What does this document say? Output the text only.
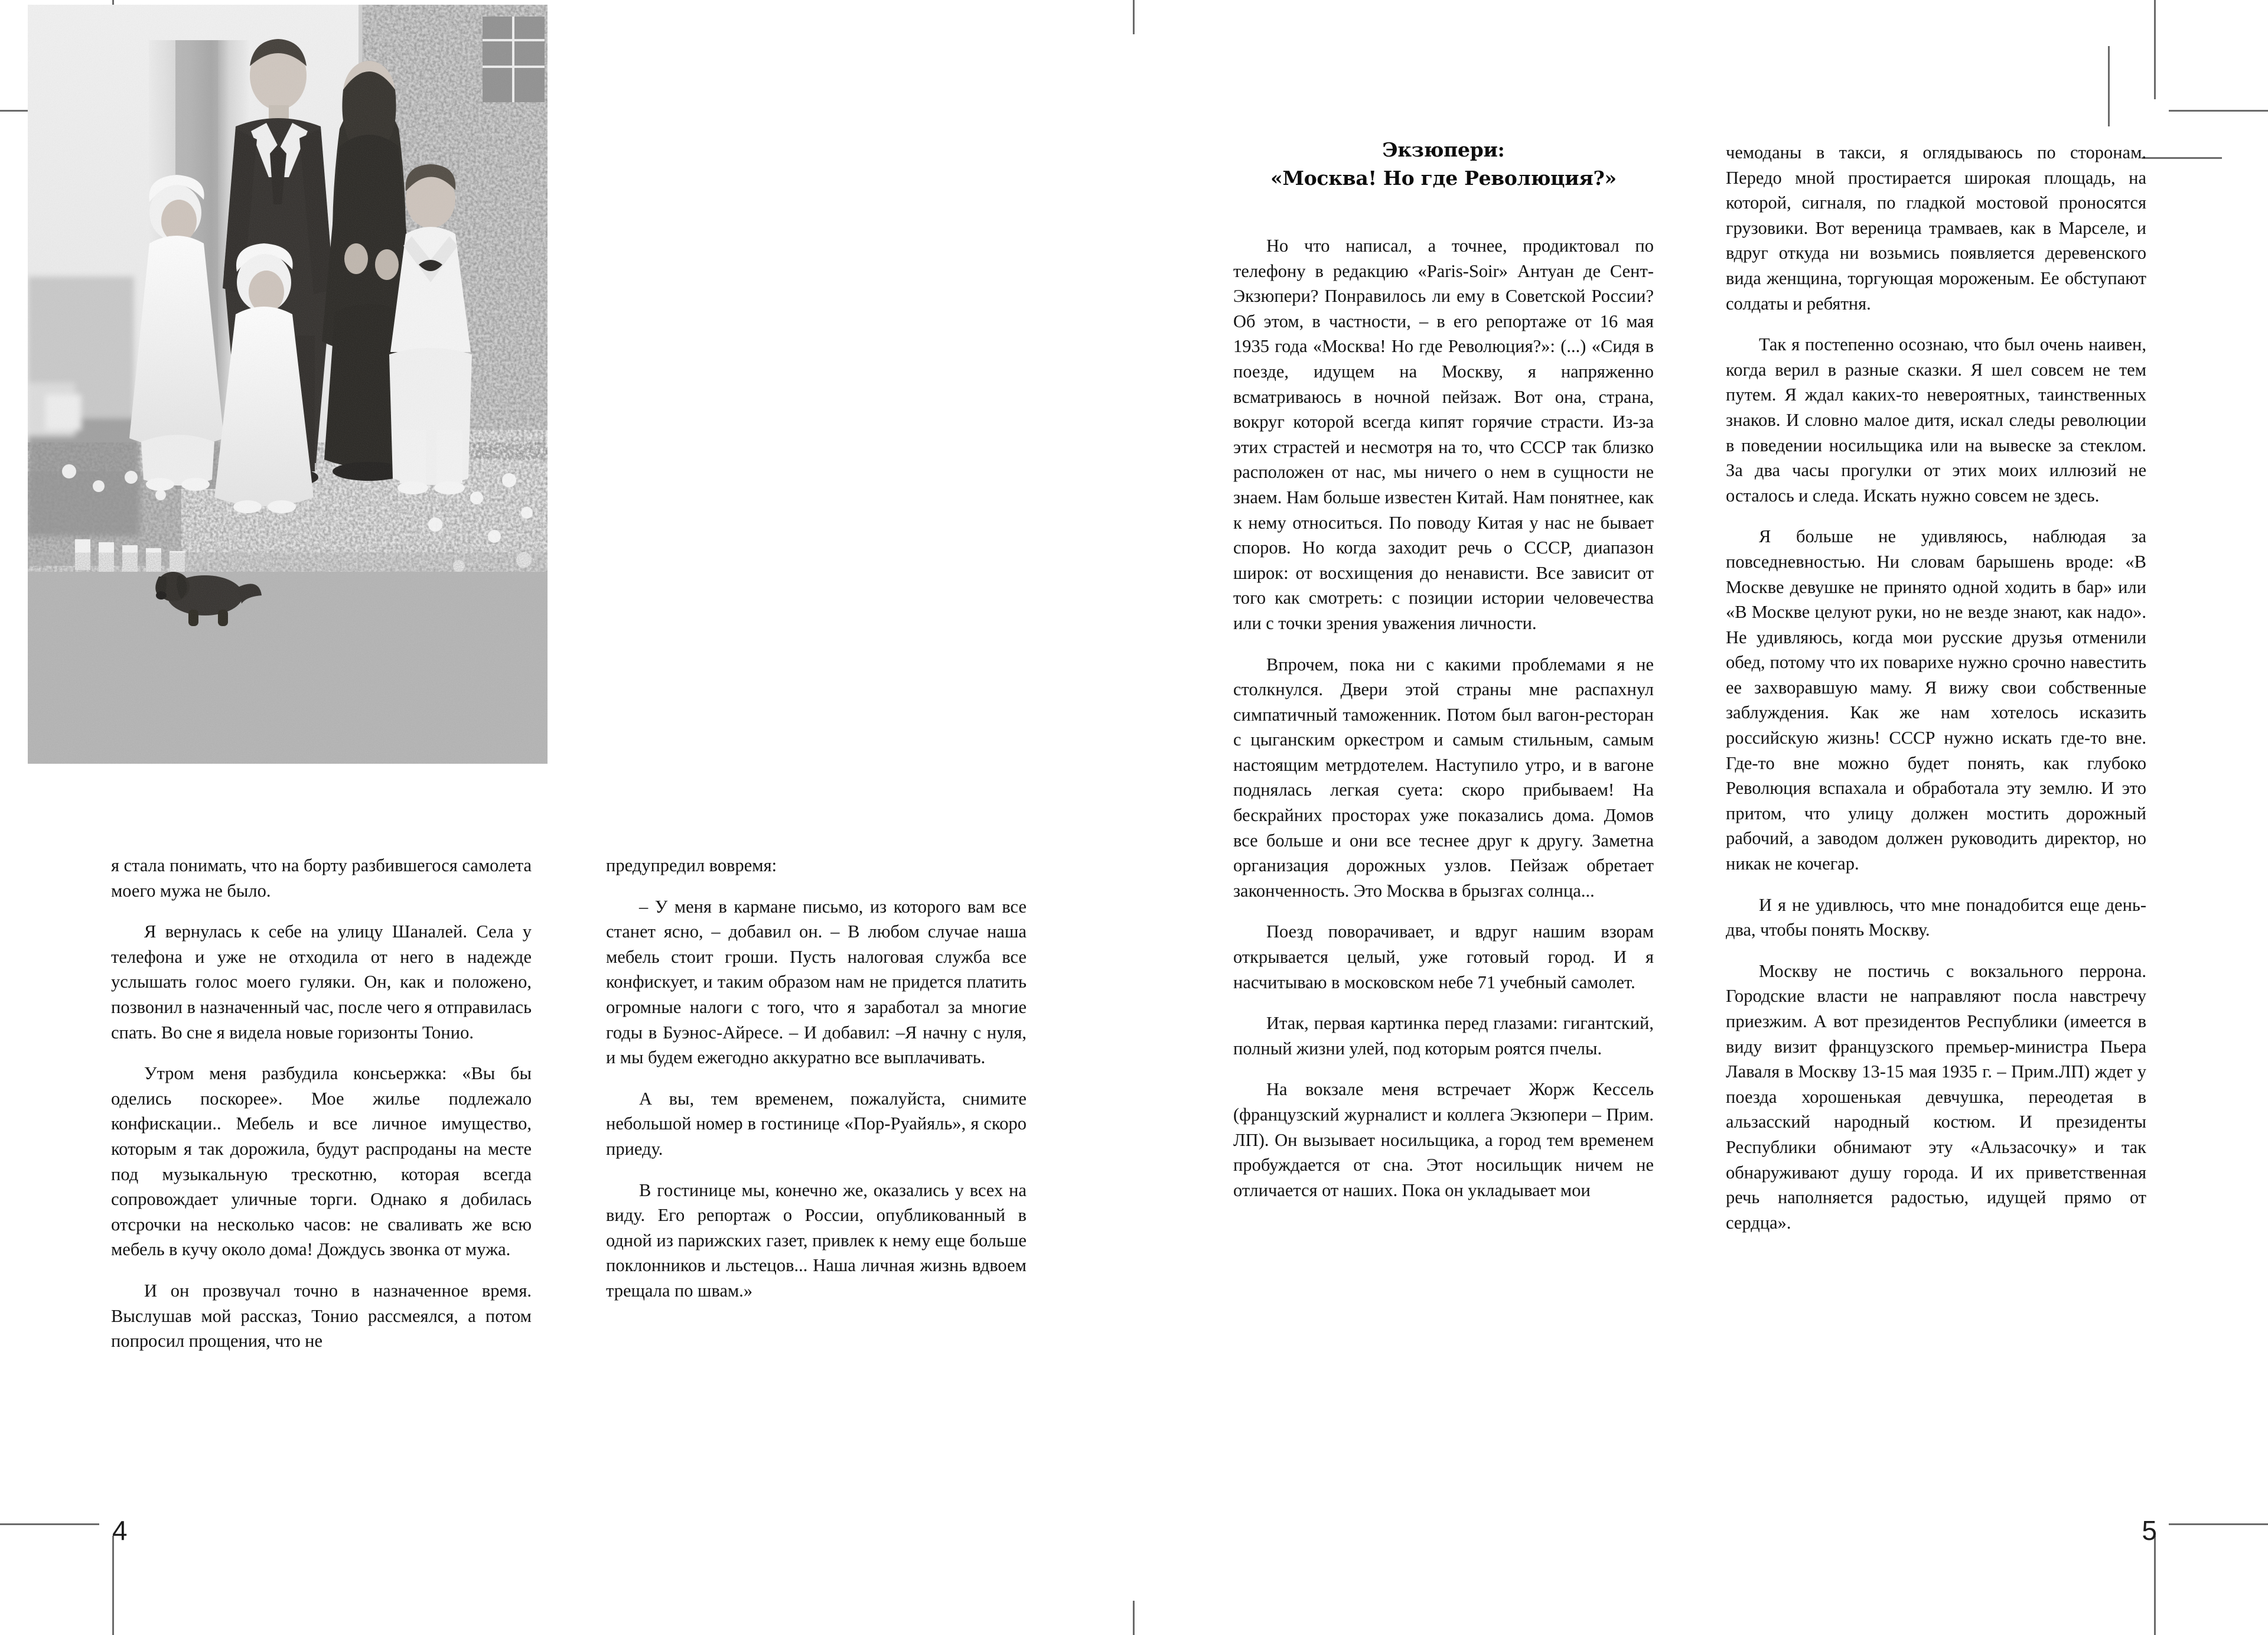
Экзюпери:
«Москва! Но где Революция?»

я стала понимать, что на борту разбившегося самолета моего мужа не было.

Я вернулась к себе на улицу Шаналей. Села у телефона и уже не отходила от него в надежде услышать голос моего гуляки. Он, как и положено, позвонил в назначенный час, после чего я отправилась спать. Во сне я видела новые горизонты Тонио.

Утром меня разбудила консьержка: «Вы бы оделись поскорее». Мое жилье подлежало конфискации.. Мебель и все личное имущество, которым я так дорожила, будут распроданы на месте под музыкальную трескотню, которая всегда сопровождает уличные торги. Однако я добилась отсрочки на несколько часов: не сваливать же всю мебель в кучу около дома! Дождусь звонка от мужа.

И он прозвучал точно в назначенное время. Выслушав мой рассказ, Тонио рассмеялся, а потом попросил прощения, что не

предупредил вовремя:

– У меня в кармане письмо, из которого вам все станет ясно, – добавил он. – В любом случае наша мебель стоит гроши. Пусть налоговая служба все конфискует, и таким образом нам не придется платить огромные налоги с того, что я заработал за многие годы в Буэнос-Айресе. – И добавил: –Я начну с нуля, и мы будем ежегодно аккуратно все выплачивать.

А вы, тем временем, пожалуйста, снимите небольшой номер в гостинице «Пор-Руайяль», я скоро приеду.

В гостинице мы, конечно же, оказались у всех на виду. Его репортаж о России, опубликованный в одной из парижских газет, привлек к нему еще больше поклонников и льстецов... Наша личная жизнь вдвоем трещала по швам.»

Но что написал, а точнее, продиктовал по телефону в редакцию «Paris-Soir» Антуан де Сент-Экзюпери? Понравилось ли ему в Советской России? Об этом, в частности, – в его репортаже от 16 мая 1935 года «Москва! Но где Революция?»: (...) «Сидя в поезде, идущем на Москву, я напряженно всматриваюсь в ночной пейзаж. Вот она, страна, вокруг которой всегда кипят горячие страсти. Из-за этих страстей и несмотря на то, что СССР так близко расположен от нас, мы ничего о нем в сущности не знаем. Нам больше известен Китай. Нам понятнее, как к нему относиться. По поводу Китая у нас не бывает споров. Но когда заходит речь о СССР, диапазон широк: от восхищения до ненависти. Все зависит от того как смотреть: с позиции истории человечества или с точки зрения уважения личности.

Впрочем, пока ни с какими проблемами я не столкнулся. Двери этой страны мне распахнул симпатичный таможенник. Потом был вагон-ресторан с цыганским оркестром и самым стильным, самым настоящим метрдотелем. Наступило утро, и в вагоне поднялась легкая суета: скоро прибываем! На бескрайних просторах уже показались дома. Домов все больше и они все теснее друг к другу. Заметна организация дорожных узлов. Пейзаж обретает законченность. Это Москва в брызгах солнца...

Поезд поворачивает, и вдруг нашим взорам открывается целый, уже готовый город. И я насчитываю в московском небе 71 учебный самолет.

Итак, первая картинка перед глазами: гигантский, полный жизни улей, под которым роятся пчелы.

На вокзале меня встречает Жорж Кессель (французский журналист и коллега Экзюпери – Прим. ЛП). Он вызывает носильщика, а город тем временем пробуждается от сна. Этот носильщик ничем не отличается от наших. Пока он укладывает мои

чемоданы в такси, я оглядываюсь по сторонам. Передо мной простирается широкая площадь, на которой, сигналя, по гладкой мостовой проносятся грузовики. Вот вереница трамваев, как в Марселе, и вдруг откуда ни возьмись появляется деревенского вида женщина, торгующая мороженым. Ее обступают солдаты и ребятня.

Так я постепенно осознаю, что был очень наивен, когда верил в разные сказки. Я шел совсем не тем путем. Я ждал каких-то невероятных, таинственных знаков. И словно малое дитя, искал следы революции в поведении носильщика или на вывеске за стеклом. За два часы прогулки от этих моих иллюзий не осталось и следа. Искать нужно совсем не здесь.

Я больше не удивляюсь, наблюдая за повседневностью. Ни словам барышень вроде: «В Москве девушке не принято одной ходить в бар» или «В Москве целуют руки, но не везде знают, как надо». Не удивляюсь, когда мои русские друзья отменили обед, потому что их поварихе нужно срочно навестить ее захворавшую маму. Я вижу свои собственные заблуждения. Как же нам хотелось исказить российскую жизнь! СССР нужно искать где-то вне. Где-то вне можно будет понять, как глубоко Революция вспахала и обработала эту землю. И это притом, что улицу должен мостить дорожный рабочий, а заводом должен руководить директор, но никак не кочегар.

И я не удивлюсь, что мне понадобится еще день-два, чтобы понять Москву.

Москву не постичь с вокзального перрона. Городские власти не направляют посла навстречу приезжим. А вот президентов Республики (имеется в виду визит французского премьер-министра Пьера Лаваля в Москву 13-15 мая 1935 г. – Прим.ЛП) ждет у поезда хорошенькая девчушка, переодетая в альзасский народный костюм. И президенты Республики обнимают эту «Альзасочку» и так обнаруживают душу города. И их приветственная речь наполняется радостью, идущей прямо от сердца».

4	5
